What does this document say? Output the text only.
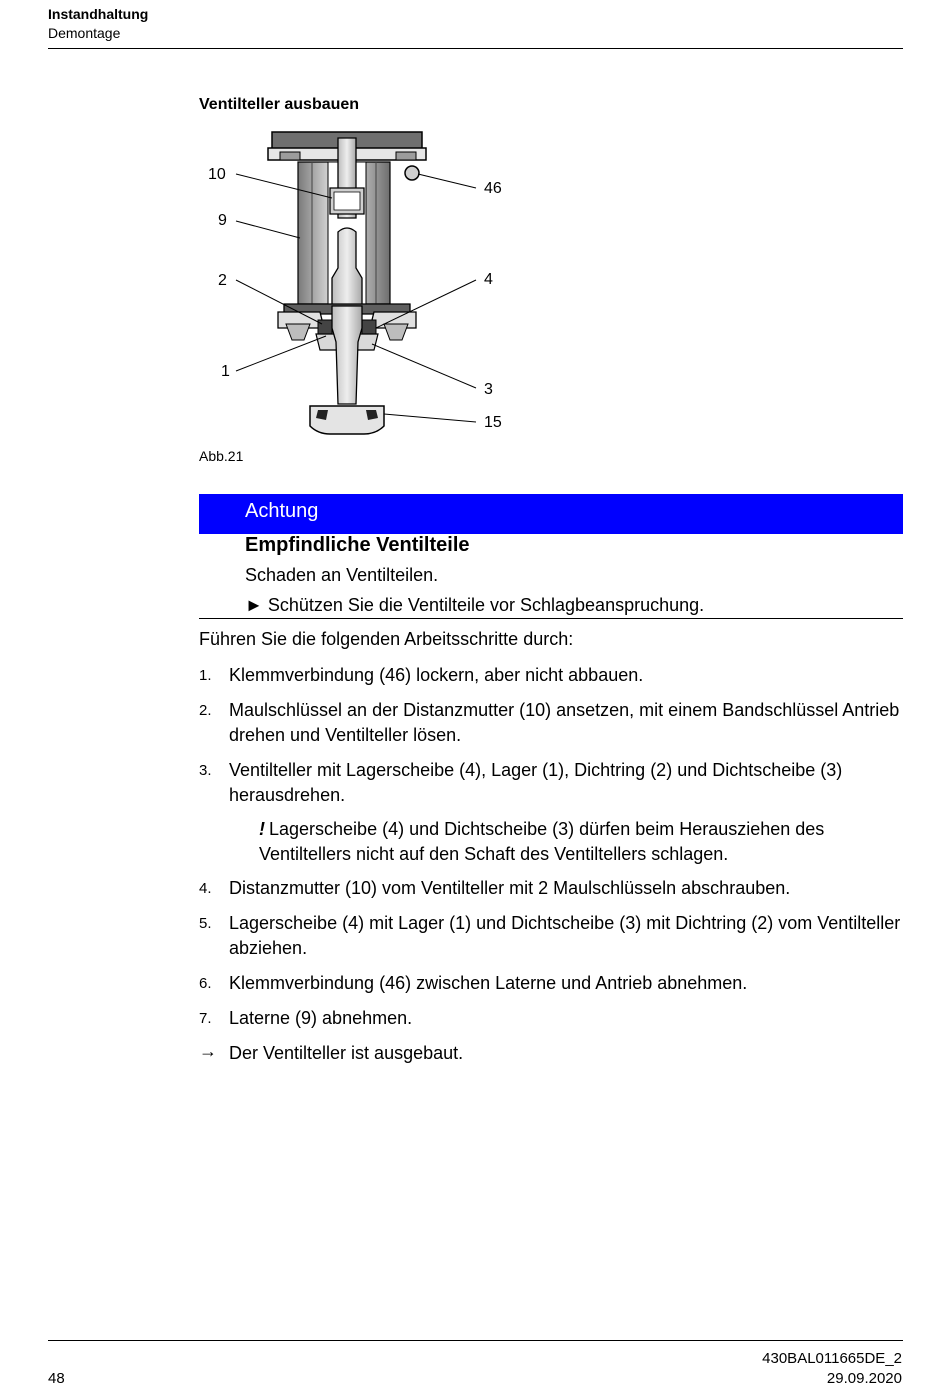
Instandhaltung
Demontage
Ventilteller ausbauen
10
9
2
1
46
4
3
15
Abb.21
Achtung
Empfindliche Ventilteile
Schaden an Ventilteilen.
► Schützen Sie die Ventilteile vor Schlagbeanspruchung.
Führen Sie die folgenden Arbeitsschritte durch:
1. Klemmverbindung (46) lockern, aber nicht abbauen.
2. Maulschlüssel an der Distanzmutter (10) ansetzen, mit einem Bandschlüssel Antrieb drehen und Ventilteller lösen.
3. Ventilteller mit Lagerscheibe (4), Lager (1), Dichtring (2) und Dichtscheibe (3) herausdrehen.
! Lagerscheibe (4) und Dichtscheibe (3) dürfen beim Herausziehen des Ventiltellers nicht auf den Schaft des Ventiltellers schlagen.
4. Distanzmutter (10) vom Ventilteller mit 2 Maulschlüsseln abschrauben.
5. Lagerscheibe (4) mit Lager (1) und Dichtscheibe (3) mit Dichtring (2) vom Ventilteller abziehen.
6. Klemmverbindung (46) zwischen Laterne und Antrieb abnehmen.
7. Laterne (9) abnehmen.
→ Der Ventilteller ist ausgebaut.
48
430BAL011665DE_2
29.09.2020
